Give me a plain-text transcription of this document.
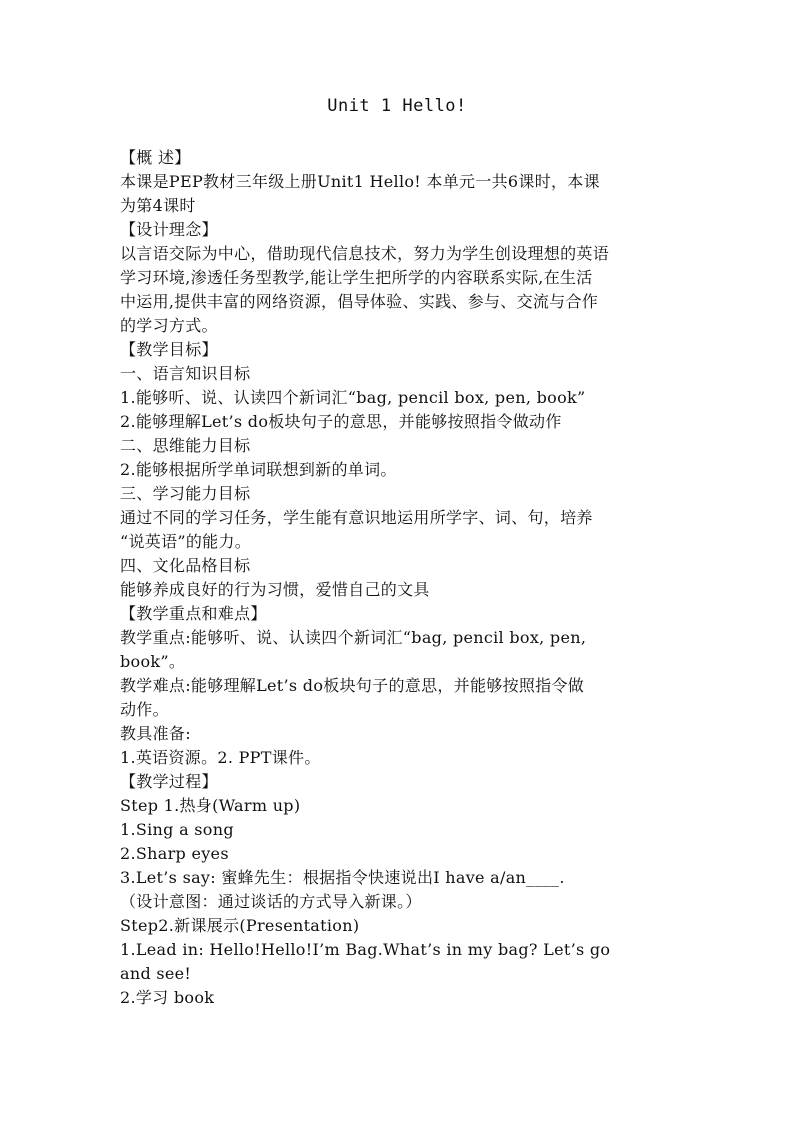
Unit 1 Hello!
【概 述】
本课是PEP教材三年级上册Unit1 Hello! 本单元一共6课时，本课
为第4课时
【设计理念】
以言语交际为中心，借助现代信息技术，努力为学生创设理想的英语
学习环境,渗透任务型教学,能让学生把所学的内容联系实际,在生活
中运用,提供丰富的网络资源，倡导体验、实践、参与、交流与合作
的学习方式。
【教学目标】
一、语言知识目标
1.能够听、说、认读四个新词汇“bag, pencil box, pen, book”
2.能够理解Let’s do板块句子的意思，并能够按照指令做动作
二、思维能力目标
2.能够根据所学单词联想到新的单词。
三、学习能力目标
通过不同的学习任务，学生能有意识地运用所学字、词、句，培养
“说英语”的能力。
四、文化品格目标
能够养成良好的行为习惯，爱惜自己的文具
【教学重点和难点】
教学重点:能够听、说、认读四个新词汇“bag, pencil box, pen,
book”。
教学难点:能够理解Let’s do板块句子的意思，并能够按照指令做
动作。
教具准备:
1.英语资源。2. PPT课件。
【教学过程】
Step 1.热身(Warm up)
1.Sing a song
2.Sharp eyes
3.Let’s say: 蜜蜂先生：根据指令快速说出I have a/an____.
（设计意图：通过谈话的方式导入新课。）
Step2.新课展示(Presentation)
1.Lead in: Hello!Hello!I’m Bag.What’s in my bag? Let’s go
and see!
2.学习 book
